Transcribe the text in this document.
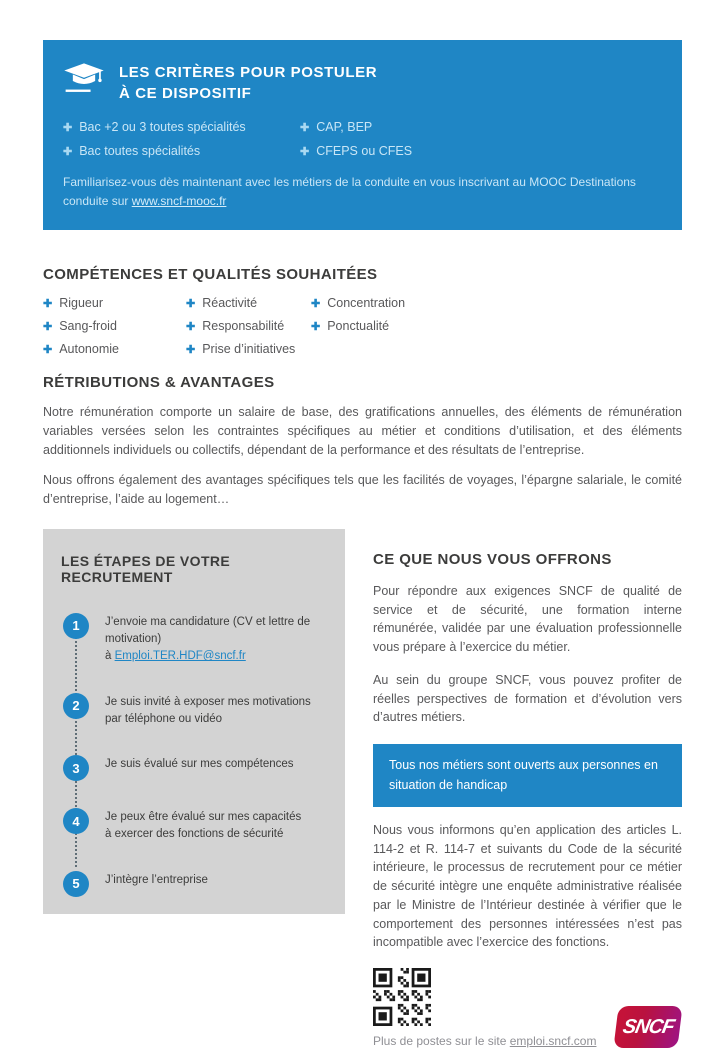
LES CRITÈRES POUR POSTULER
À CE DISPOSITIF
✚ Bac +2 ou 3 toutes spécialités	✚ CAP, BEP
✚ Bac toutes spécialités	✚ CFEPS ou CFES
Familiarisez-vous dès maintenant avec les métiers de la conduite en vous inscrivant au MOOC Destinations conduite sur www.sncf-mooc.fr
COMPÉTENCES ET QUALITÉS SOUHAITÉES
✚ Rigueur	✚ Réactivité	✚ Concentration
✚ Sang-froid	✚ Responsabilité ✚ Ponctualité
✚ Autonomie	✚ Prise d’initiatives
RÉTRIBUTIONS & AVANTAGES

Notre rémunération comporte un salaire de base, des gratifications annuelles, des éléments de rémunération variables versées selon les contraintes spécifiques au métier et conditions d’utilisation, et des éléments additionnels individuels ou collectifs, dépendant de la performance et des résultats de l’entreprise.

Nous offrons également des avantages spécifiques tels que les facilités de voyages, l’épargne salariale, le comité d’entreprise, l’aide au logement…

LES ÉTAPES DE VOTRE RECRUTEMENT
1	J’envoie ma candidature (CV et lettre de motivation)
à Emploi.TER.HDF@sncf.fr
2	Je suis invité à exposer mes motivations par téléphone ou vidéo
3	Je suis évalué sur mes compétences
4	Je peux être évalué sur mes capacités à exercer des fonctions de sécurité
5	J’intègre l’entreprise
CE QUE NOUS VOUS OFFRONS

Pour répondre aux exigences SNCF de qualité de service et de sécurité, une formation interne rémunérée, validée par une évaluation professionnelle vous prépare à l’exercice du métier.

Au sein du groupe SNCF, vous pouvez profiter de réelles perspectives de formation et d’évolution vers d’autres métiers.

Tous nos métiers sont ouverts aux personnes en situation de handicap

Nous vous informons qu’en application des articles L. 114-2 et R. 114-7 et suivants du Code de la sécurité intérieure, le processus de recrutement pour ce métier de sécurité intègre une enquête administrative réalisée par le Ministre de l’Intérieur destinée à vérifier que le comportement des personnes intéressées n’est pas incompatible avec l’exercice des fonctions.

Plus de postes sur le site emploi.sncf.com
SNCF
